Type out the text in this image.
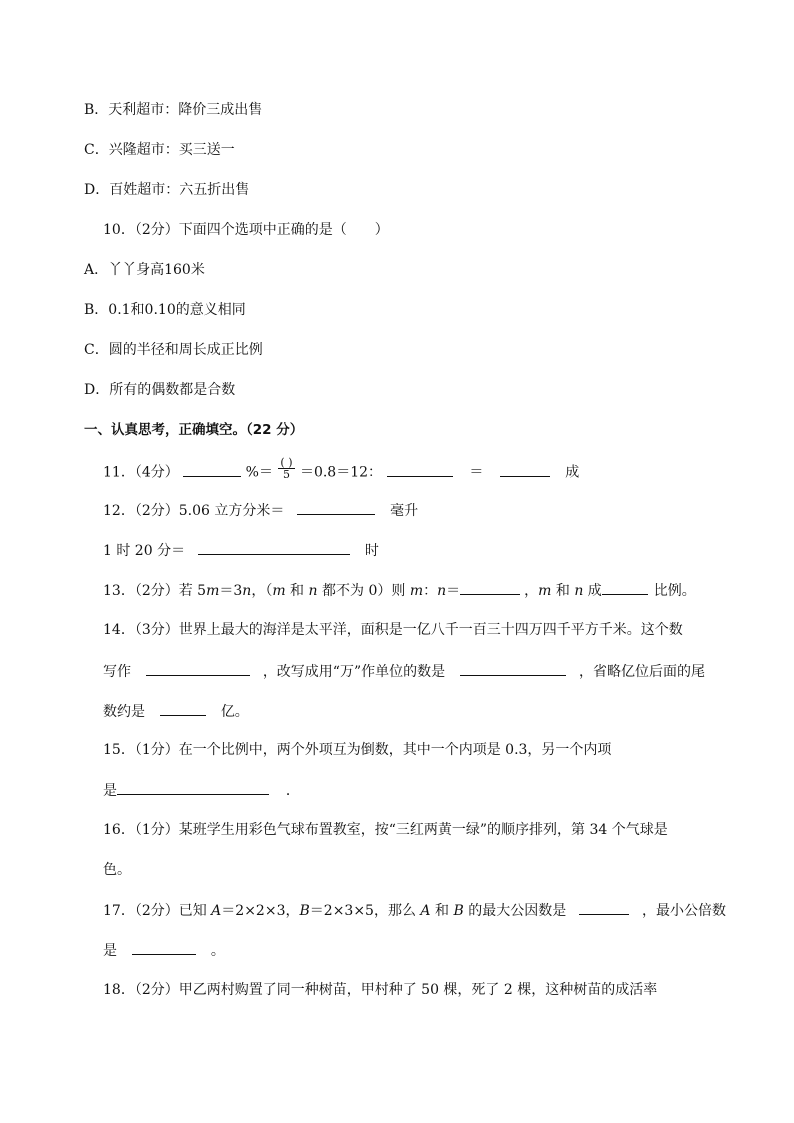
B．天利超市：降价三成出售
C．兴隆超市：买三送一
D．百姓超市：六五折出售
10．（2分）下面四个选项中正确的是（　　）
A．丫丫身高160米
B．0.1和0.10的意义相同
C．圆的半径和周长成正比例
D．所有的偶数都是合数
一、认真思考，正确填空。（22 分）
11．（4分）	%＝ $\frac{( )}{5} =0.8=12$：	＝	成
12．（2分）5.06 立方分米＝	毫升
1 时 20 分＝	时
13．（2分）若 5m＝3n，（m 和 n 都不为 0）则 m：n＝	，m 和 n 成	比例。
14．（3分）世界上最大的海洋是太平洋，面积是一亿八千一百三十四万四千平方千米。这个数
写作	，改写成用“万”作单位的数是	，省略亿位后面的尾
数约是	亿。
15．（1分）在一个比例中，两个外项互为倒数，其中一个内项是 0.3，另一个内项
是	．
16．（1分）某班学生用彩色气球布置教室，按“三红两黄一绿”的顺序排列，第 34 个气球是
色。
17．（2分）已知 A＝2×2×3，B＝2×3×5，那么 A 和 B 的最大公因数是	，最小公倍数
是	。
18．（2分）甲乙两村购置了同一种树苗，甲村种了 50 棵，死了 2 棵，这种树苗的成活率
